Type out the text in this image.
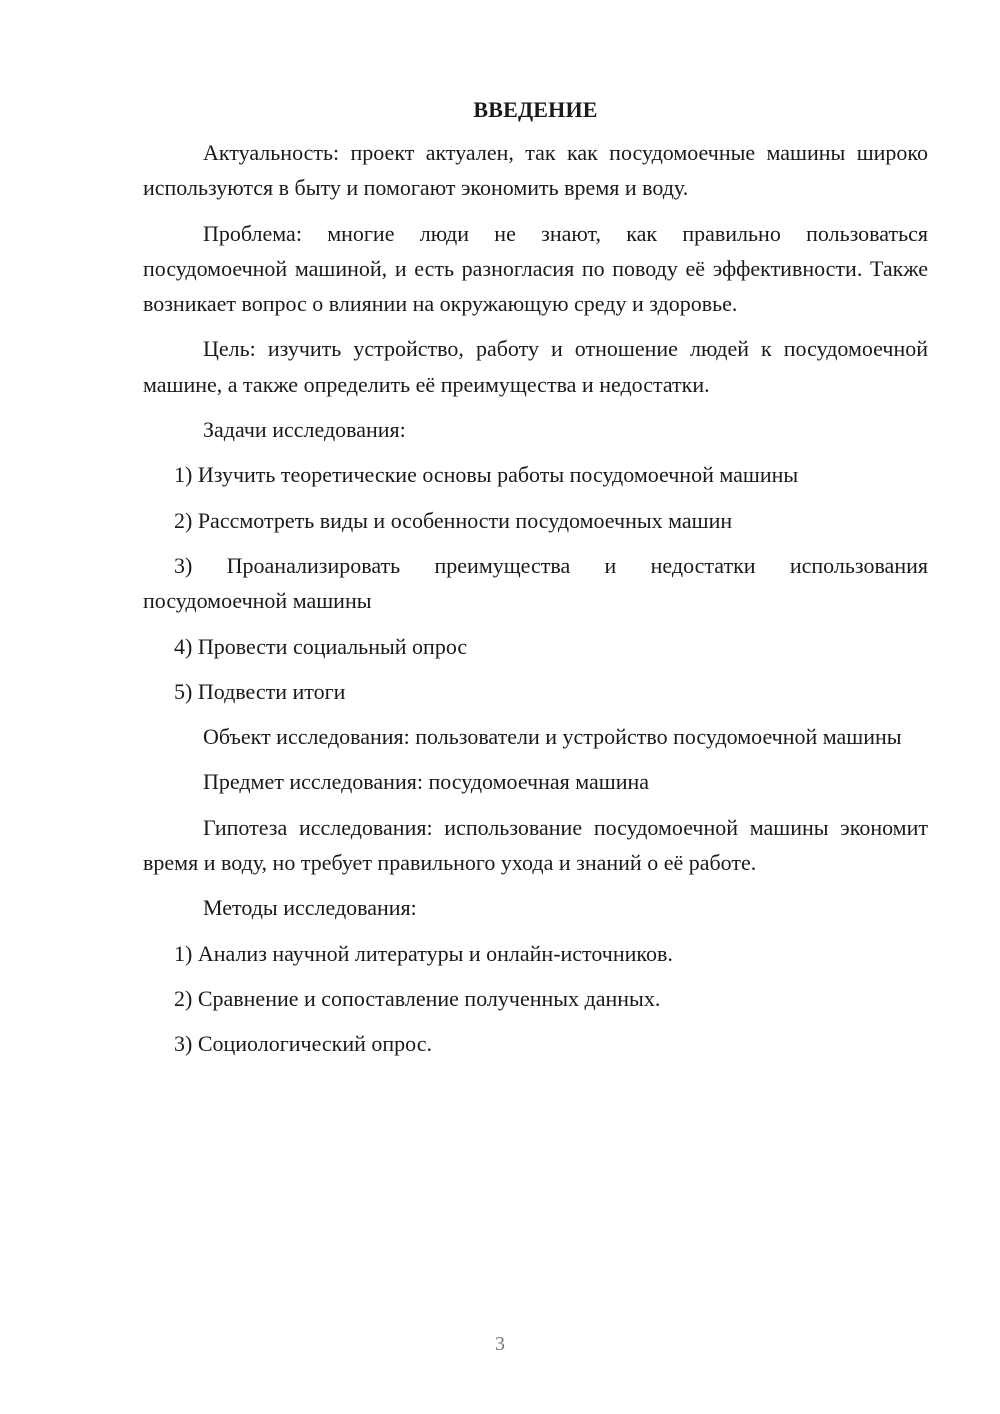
ВВЕДЕНИЕ

Актуальность: проект актуален, так как посудомоечные машины широко используются в быту и помогают экономить время и воду.

Проблема: многие люди не знают, как правильно пользоваться посудомоечной машиной, и есть разногласия по поводу её эффективности. Также возникает вопрос о влиянии на окружающую среду и здоровье.

Цель: изучить устройство, работу и отношение людей к посудомоечной машине, а также определить её преимущества и недостатки.

Задачи исследования:

1) Изучить теоретические основы работы посудомоечной машины

2) Рассмотреть виды и особенности посудомоечных машин

3) Проанализировать преимущества и недостатки использования посудомоечной машины

4) Провести социальный опрос

5) Подвести итоги

Объект исследования: пользователи и устройство посудомоечной машины

Предмет исследования: посудомоечная машина

Гипотеза исследования: использование посудомоечной машины экономит время и воду, но требует правильного ухода и знаний о её работе.

Методы исследования:

1) Анализ научной литературы и онлайн-источников.

2) Сравнение и сопоставление полученных данных.

3) Социологический опрос.

3
